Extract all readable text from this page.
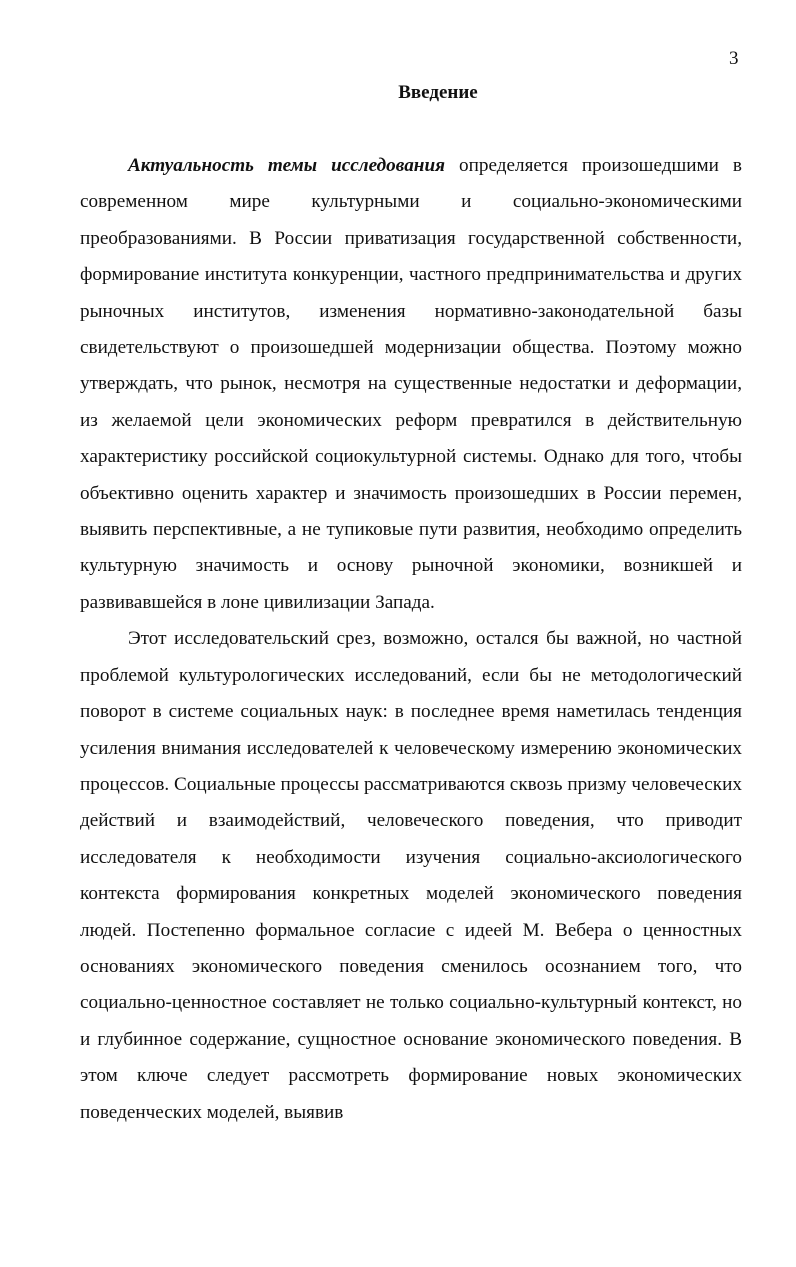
3
Введение

Актуальность темы исследования определяется произошедшими в современном мире культурными и социально-экономическими преобразованиями. В России приватизация государственной собственности, формирование института конкуренции, частного предпринимательства и других рыночных институтов, изменения нормативно-законодательной базы свидетельствуют о произошедшей модернизации общества. Поэтому можно утверждать, что рынок, несмотря на существенные недостатки и деформации, из желаемой цели экономических реформ превратился в действительную характеристику российской социокультурной системы. Однако для того, чтобы объективно оценить характер и значимость произошедших в России перемен, выявить перспективные, а не тупиковые пути развития, необходимо определить культурную значимость и основу рыночной экономики, возникшей и развивавшейся в лоне цивилизации Запада.

Этот исследовательский срез, возможно, остался бы важной, но частной проблемой культурологических исследований, если бы не методологический поворот в системе социальных наук: в последнее время наметилась тенденция усиления внимания исследователей к человеческому измерению экономических процессов. Социальные процессы рассматриваются сквозь призму человеческих действий и взаимодействий, человеческого поведения, что приводит исследователя к необходимости изучения социально-аксиологического контекста формирования конкретных моделей экономического поведения людей. Постепенно формальное согласие с идеей М. Вебера о ценностных основаниях экономического поведения сменилось осознанием того, что социально-ценностное составляет не только социально-культурный контекст, но и глубинное содержание, сущностное основание экономического поведения. В этом ключе следует рассмотреть формирование новых экономических поведенческих моделей, выявив
